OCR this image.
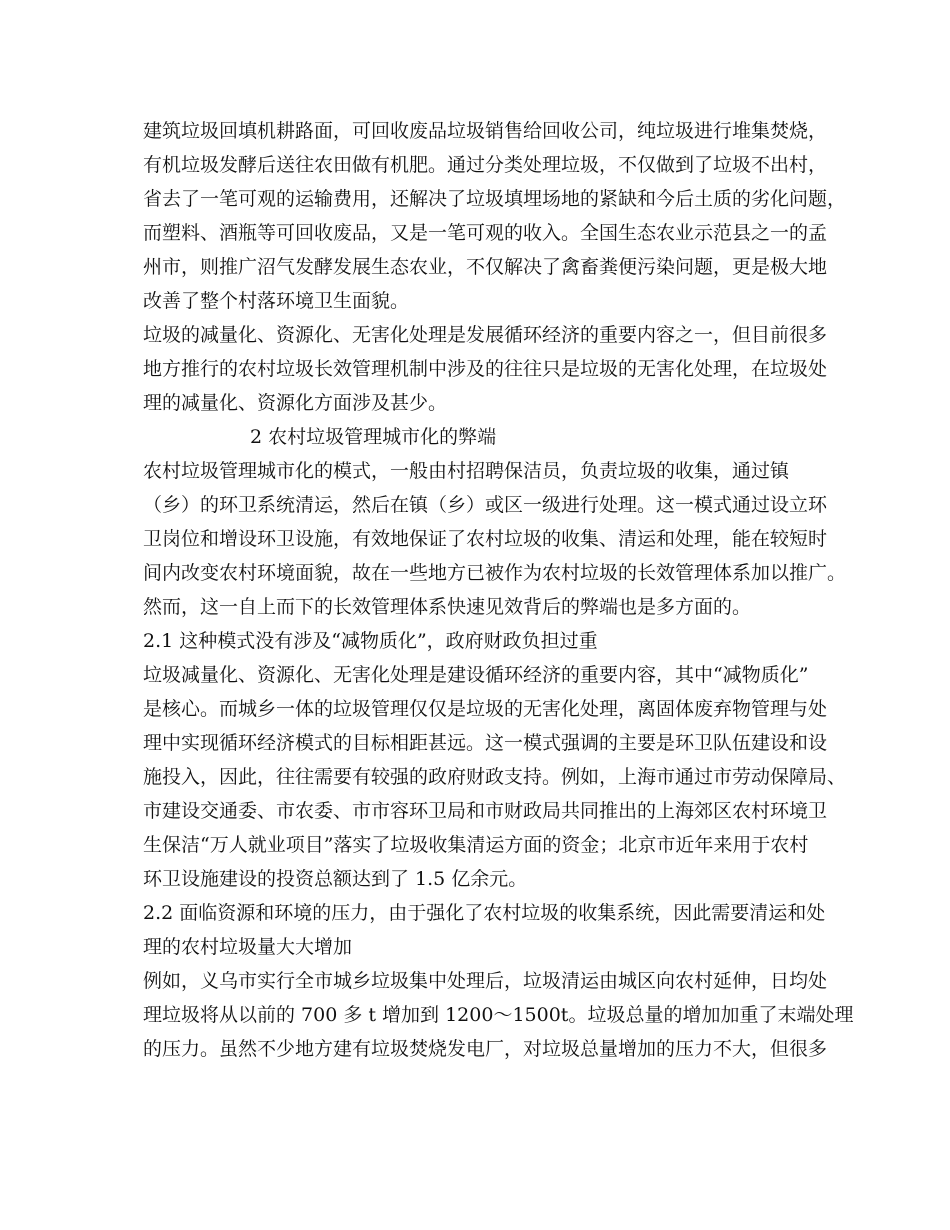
建筑垃圾回填机耕路面，可回收废品垃圾销售给回收公司，纯垃圾进行堆集焚烧，
有机垃圾发酵后送往农田做有机肥。通过分类处理垃圾，不仅做到了垃圾不出村，
省去了一笔可观的运输费用，还解决了垃圾填埋场地的紧缺和今后土质的劣化问题，
而塑料、酒瓶等可回收废品，又是一笔可观的收入。全国生态农业示范县之一的孟
州市，则推广沼气发酵发展生态农业，不仅解决了禽畜粪便污染问题，更是极大地
改善了整个村落环境卫生面貌。
垃圾的减量化、资源化、无害化处理是发展循环经济的重要内容之一，但目前很多
地方推行的农村垃圾长效管理机制中涉及的往往只是垃圾的无害化处理，在垃圾处
理的减量化、资源化方面涉及甚少。
2 农村垃圾管理城市化的弊端
农村垃圾管理城市化的模式，一般由村招聘保洁员，负责垃圾的收集，通过镇
（乡）的环卫系统清运，然后在镇（乡）或区一级进行处理。这一模式通过设立环
卫岗位和增设环卫设施，有效地保证了农村垃圾的收集、清运和处理，能在较短时
间内改变农村环境面貌，故在一些地方已被作为农村垃圾的长效管理体系加以推广。
然而，这一自上而下的长效管理体系快速见效背后的弊端也是多方面的。
2.1 这种模式没有涉及“减物质化”，政府财政负担过重
垃圾减量化、资源化、无害化处理是建设循环经济的重要内容，其中“减物质化”
是核心。而城乡一体的垃圾管理仅仅是垃圾的无害化处理，离固体废弃物管理与处
理中实现循环经济模式的目标相距甚远。这一模式强调的主要是环卫队伍建设和设
施投入，因此，往往需要有较强的政府财政支持。例如，上海市通过市劳动保障局、
市建设交通委、市农委、市市容环卫局和市财政局共同推出的上海郊区农村环境卫
生保洁“万人就业项目”落实了垃圾收集清运方面的资金；北京市近年来用于农村
环卫设施建设的投资总额达到了 1.5 亿余元。
2.2 面临资源和环境的压力，由于强化了农村垃圾的收集系统，因此需要清运和处
理的农村垃圾量大大增加
例如，义乌市实行全市城乡垃圾集中处理后，垃圾清运由城区向农村延伸，日均处
理垃圾将从以前的 700 多 t 增加到 1200～1500t。垃圾总量的增加加重了末端处理
的压力。虽然不少地方建有垃圾焚烧发电厂，对垃圾总量增加的压力不大，但很多
